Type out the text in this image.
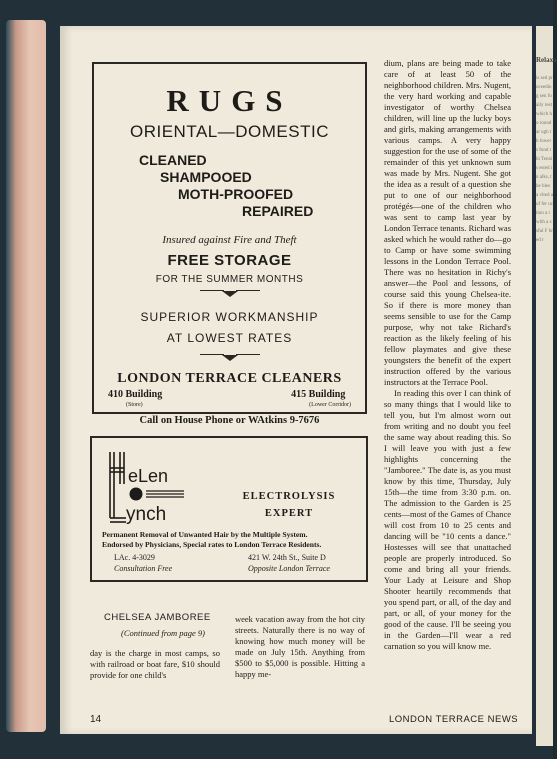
Relaxa
is sed proceeding sen fo aily rest which ho roundar ugh th lowers fund thi Tennis ested in alks, the bles a vited a of fer uction a r with a ssful F bred r
RUGS
ORIENTAL—DOMESTIC
CLEANED
SHAMPOOED
MOTH-PROOFED
REPAIRED
Insured against Fire and Theft
FREE STORAGE
FOR THE SUMMER MONTHS
SUPERIOR WORKMANSHIP
AT LOWEST RATES
LONDON TERRACE CLEANERS
410 Building
(Store)
415 Building
(Lower Corridor)
Call on House Phone or WAtkins 9-7676
eLen
ynch
ELECTROLYSIS
EXPERT
Permanent Removal of Unwanted Hair by the Multiple System.
Endorsed by Physicians, Special rates to London Terrace Residents.
LAc. 4-3029
Consultation Free
421 W. 24th St., Suite D
Opposite London Terrace
CHELSEA JAMBOREE
(Continued from page 9)
day is the charge in most camps, so with railroad or boat fare, $10 should provide for one child's
week vacation away from the hot city streets. Naturally there is no way of knowing how much money will be made on July 15th. Anything from $500 to $5,000 is possible. Hitting a happy me-

dium, plans are being made to take care of at least 50 of the neighborhood children. Mrs. Nugent, the very hard working and capable investigator of worthy Chelsea children, will line up the lucky boys and girls, making arrangements with various camps. A very happy suggestion for the use of some of the remainder of this yet unknown sum was made by Mrs. Nugent. She got the idea as a result of a question she put to one of our neighborhood protégés—one of the children who was sent to camp last year by London Terrace tenants. Richard was asked which he would rather do—go to Camp or have some swimming lessons in the London Terrace Pool. There was no hesitation in Richy's answer—the Pool and lessons, of course said this young Chelsea-ite. So if there is more money than seems sensible to use for the Camp purpose, why not take Richard's reaction as the likely feeling of his fellow playmates and give these youngsters the benefit of the expert instruction offered by the various instructors at the Terrace Pool.

In reading this over I can think of so many things that I would like to tell you, but I'm almost worn out from writing and no doubt you feel the same way about reading this. So I will leave you with just a few highlights concerning the "Jamboree." The date is, as you must know by this time, Thursday, July 15th—the time from 3:30 p.m. on. The admission to the Garden is 25 cents—most of the Games of Chance will cost from 10 to 25 cents and dancing will be "10 cents a dance." Hostesses will see that unattached people are properly introduced. So come and bring all your friends. Your Lady at Leisure and Shop Shooter heartily recommends that you spend part, or all, of the day and part, or all, of your money for the good of the cause. I'll be seeing you in the Garden—I'll wear a red carnation so you will know me.

14	LONDON TERRACE NEWS
